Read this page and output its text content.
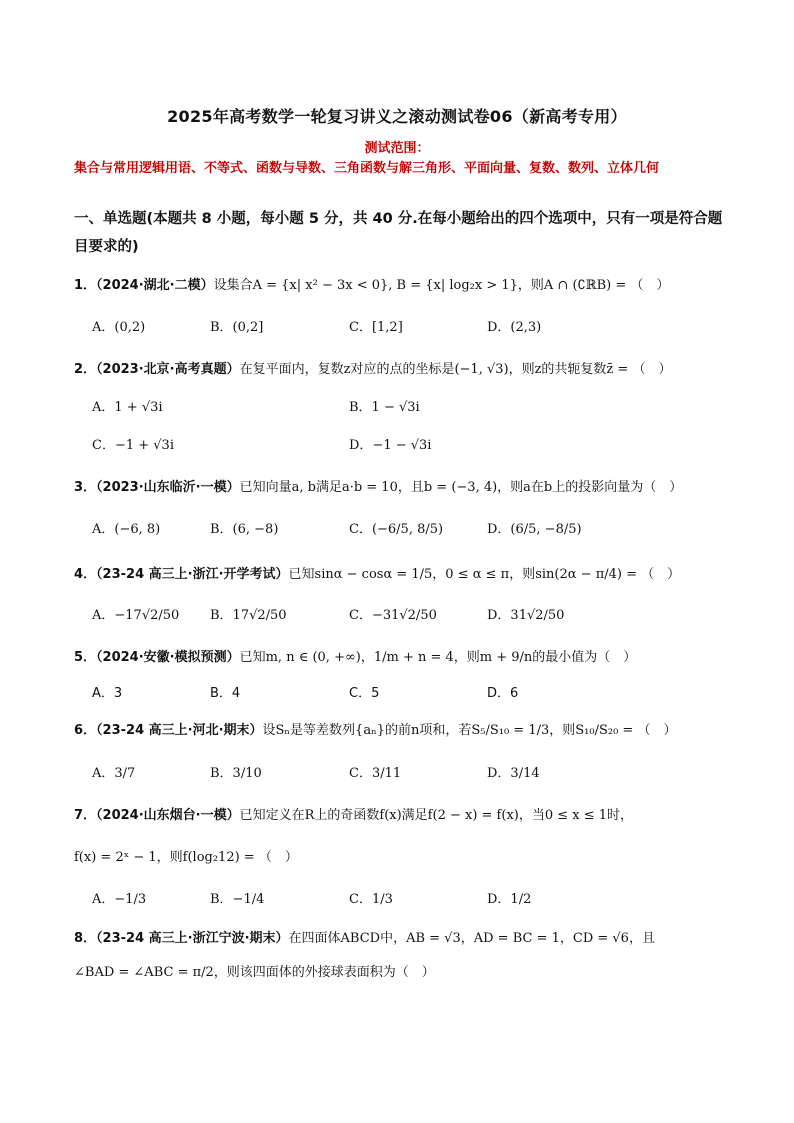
2025年高考数学一轮复习讲义之滚动测试卷06（新高考专用）
测试范围：
集合与常用逻辑用语、不等式、函数与导数、三角函数与解三角形、平面向量、复数、数列、立体几何
一、单选题(本题共 8 小题，每小题 5 分，共 40 分.在每小题给出的四个选项中，只有一项是符合题目要求的)
1．（2024·湖北·二模）设集合A = {x| x² − 3x < 0}, B = {x| log₂x > 1}，则A ∩ (∁ℝB) = （　）
A．(0,2)	B．(0,2]	C．[1,2]	D．(2,3)
2．（2023·北京·高考真题）在复平面内，复数z对应的点的坐标是(−1, √3)，则z的共轭复数z̄ = （　）
A．1 + √3i	B．1 − √3i
C．−1 + √3i	D．−1 − √3i
3．（2023·山东临沂·一模）已知向量a, b满足a·b = 10，且b = (−3, 4)，则a在b上的投影向量为（　）
A．(−6, 8)	B．(6, −8)	C．(−6/5, 8/5)	D．(6/5, −8/5)
4．（23-24 高三上·浙江·开学考试）已知sinα − cosα = 1/5，0 ≤ α ≤ π，则sin(2α − π/4) = （　）
A．−17√2/50 B．17√2/50	C．−31√2/50	D．31√2/50
5．（2024·安徽·模拟预测）已知m, n ∈ (0, +∞)，1/m + n = 4，则m + 9/n的最小值为（　）
A．3	B．4	C．5	D．6
6．（23-24 高三上·河北·期末）设Sₙ是等差数列{aₙ}的前n项和，若S₅/S₁₀ = 1/3，则S₁₀/S₂₀ = （　）
A．3/7	B．3/10	C．3/11	D．3/14
7．（2024·山东烟台·一模）已知定义在R上的奇函数f(x)满足f(2 − x) = f(x)，当0 ≤ x ≤ 1时，
f(x) = 2ˣ − 1，则f(log₂12) = （　）
A．−1/3	B．−1/4	C．1/3	D．1/2
8．（23-24 高三上·浙江宁波·期末）在四面体ABCD中，AB = √3，AD = BC = 1，CD = √6，且
∠BAD = ∠ABC = π/2，则该四面体的外接球表面积为（　）
